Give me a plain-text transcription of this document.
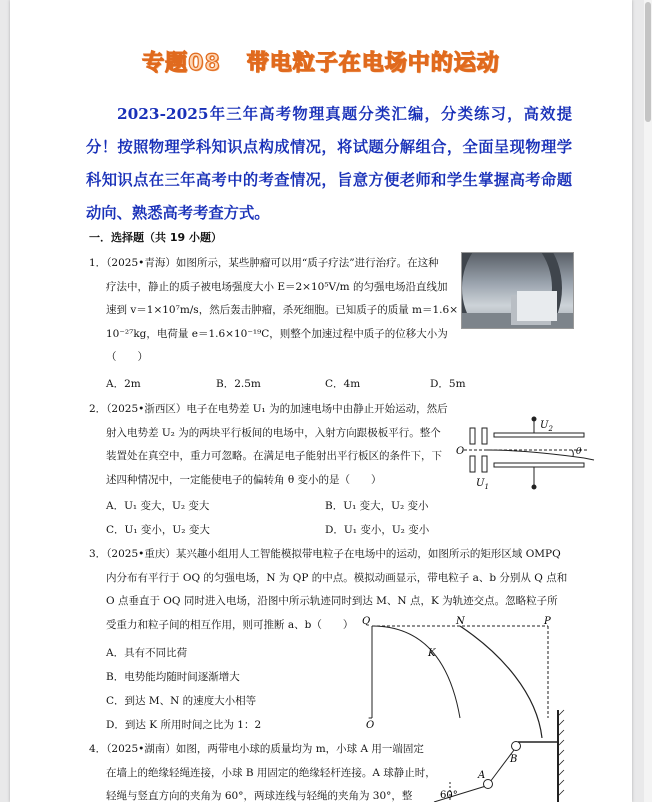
专题08 带电粒子在电场中的运动
2023-2025年三年高考物理真题分类汇编，分类练习，高效提分！按照物理学科知识点构成情况，将试题分解组合，全面呈现物理学科知识点在三年高考中的考查情况，旨意方便老师和学生掌握高考命题动向、熟悉高考考查方式。
一．选择题（共 19 小题）

1．（2025•青海）如图所示，某些肿瘤可以用“质子疗法”进行治疗。在这种

疗法中，静止的质子被电场强度大小 E＝2×10⁵V/m 的匀强电场沿直线加

速到 v＝1×10⁷m/s，然后轰击肿瘤，杀死细胞。已知质子的质量 m＝1.6×

10⁻²⁷kg，电荷量 e＝1.6×10⁻¹⁹C，则整个加速过程中质子的位移大小为

（　　）

A．2m	B．2.5m	C．4m	D．5m

2．（2025•浙西区）电子在电势差 U₁ 为的加速电场中由静止开始运动，然后

射入电势差 U₂ 为的两块平行板间的电场中，入射方向跟极板平行。整个

装置处在真空中，重力可忽略。在满足电子能射出平行板区的条件下，下

述四种情况中，一定能使电子的偏转角 θ 变小的是（　　）

O
$U_2$
$U_1$
θ
A．U₁ 变大，U₂ 变大	B．U₁ 变大，U₂ 变小
C．U₁ 变小，U₂ 变大	D．U₁ 变小，U₂ 变小

3．（2025•重庆）某兴趣小组用人工智能模拟带电粒子在电场中的运动，如图所示的矩形区域 OMPQ

内分布有平行于 OQ 的匀强电场，N 为 QP 的中点。模拟动画显示，带电粒子 a、b 分别从 Q 点和

O 点垂直于 OQ 同时进入电场，沿图中所示轨迹同时到达 M、N 点，K 为轨迹交点。忽略粒子所

受重力和粒子间的相互作用，则可推断 a、b（　　）

A．具有不同比荷
B．电势能均随时间逐渐增大
C．到达 M、N 的速度大小相等
D．到达 K 所用时间之比为 1：2
Q	N	P
K
O

4．（2025•湖南）如图，两带电小球的质量均为 m，小球 A 用一端固定

在墙上的绝缘轻绳连接，小球 B 用固定的绝缘轻杆连接。A 球静止时，

轻绳与竖直方向的夹角为 60°，两球连线与轻绳的夹角为 30°，整

B
A
60°
